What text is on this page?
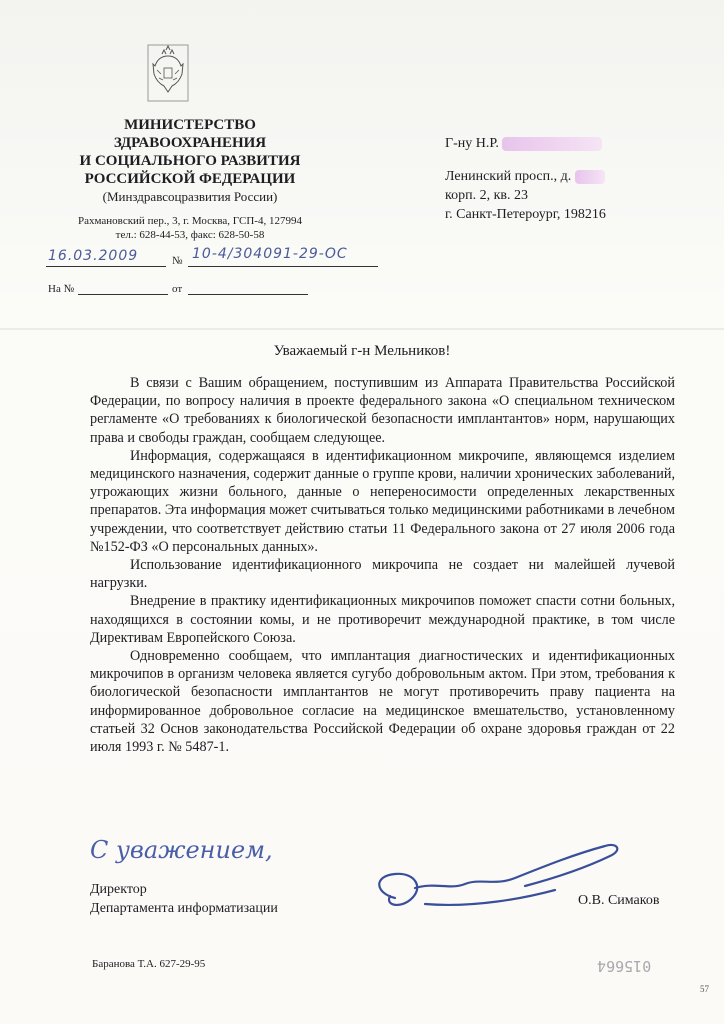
МИНИСТЕРСТВО
ЗДРАВООХРАНЕНИЯ
И СОЦИАЛЬНОГО РАЗВИТИЯ
РОССИЙСКОЙ ФЕДЕРАЦИИ
(Минздравсоцразвития России)
Рахмановский пер., 3, г. Москва, ГСП-4, 127994
тел.: 628-44-53, факс: 628-50-58
16.03.2009	№ 10-4/304091-29-ОС
На №	от
Г-ну Н.Р.
Ленинский просп., д.
корп. 2, кв. 23
г. Санкт-Петероург, 198216
Уважаемый г-н Мельников!

В связи с Вашим обращением, поступившим из Аппарата Правительства Российской Федерации, по вопросу наличия в проекте федерального закона «О специальном техническом регламенте «О требованиях к биологической безопасности имплантантов» норм, нарушающих права и свободы граждан, сообщаем следующее.

Информация, содержащаяся в идентификационном микрочипе, являющемся изделием медицинского назначения, содержит данные о группе крови, наличии хронических заболеваний, угрожающих жизни больного, данные о непереносимости определенных лекарственных препаратов. Эта информация может считываться только медицинскими работниками в лечебном учреждении, что соответствует действию статьи 11 Федерального закона от 27 июля 2006 года №152-ФЗ «О персональных данных».

Использование идентификационного микрочипа не создает ни малейшей лучевой нагрузки.

Внедрение в практику идентификационных микрочипов поможет спасти сотни больных, находящихся в состоянии комы, и не противоречит международной практике, в том числе Директивам Европейского Союза.

Одновременно сообщаем, что имплантация диагностических и идентификационных микрочипов в организм человека является сугубо добровольным актом. При этом, требования к биологической безопасности имплантантов не могут противоречить праву пациента на информированное добровольное согласие на медицинское вмешательство, установленному статьей 32 Основ законодательства Российской Федерации об охране здоровья граждан от 22 июля 1993 г. № 5487-1.

С уважением,
Директор
Департамента информатизации
О.В. Симаков
Баранова Т.А. 627-29-95	015664
57
